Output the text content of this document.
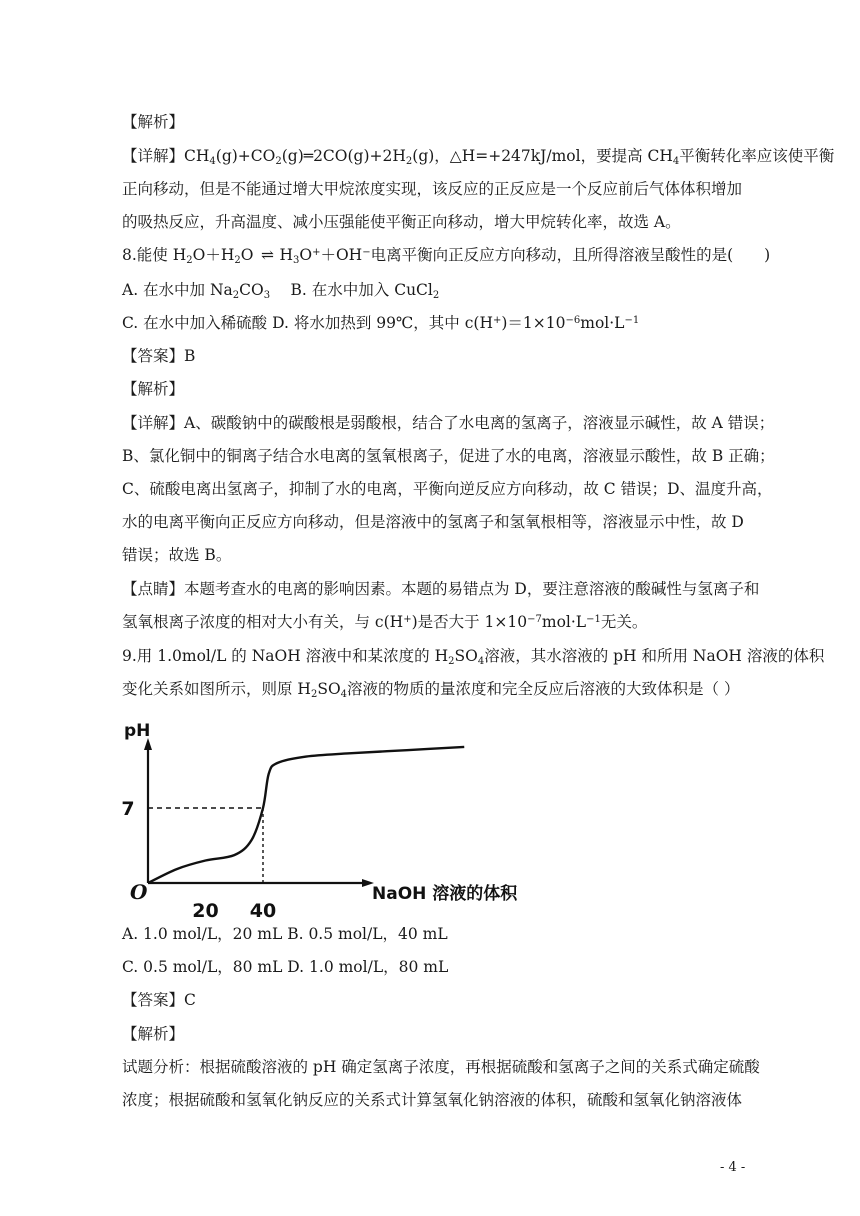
【解析】
【详解】$CH_4(g)+CO_2(g)═2CO(g)+2H_2(g)$，△H=+247kJ/mol，要提高 $CH_4$平衡转化率应该使平衡
正向移动，但是不能通过增大甲烷浓度实现，该反应的正反应是一个反应前后气体体积增加
的吸热反应，升高温度、减小压强能使平衡正向移动，增大甲烷转化率，故选 A。
8.能使 $H_2O+H_2O$ ⇌ $H_3O^++OH^-$电离平衡向正反应方向移动，且所得溶液呈酸性的是(　　)
A. 在水中加 $Na_2CO_3$　 B. 在水中加入 CuCl$_2$
C. 在水中加入稀硫酸 D. 将水加热到 99℃，其中 $c(H^+)=1\times 10^{-6}mol\cdot L^{-1}$
【答案】B
【解析】
【详解】A、碳酸钠中的碳酸根是弱酸根，结合了水电离的氢离子，溶液显示碱性，故 A 错误；
B、氯化铜中的铜离子结合水电离的氢氧根离子，促进了水的电离，溶液显示酸性，故 B 正确；
C、硫酸电离出氢离子，抑制了水的电离，平衡向逆反应方向移动，故 C 错误；D、温度升高，
水的电离平衡向正反应方向移动，但是溶液中的氢离子和氢氧根相等，溶液显示中性，故 D
错误；故选 B。
【点睛】本题考查水的电离的影响因素。本题的易错点为 D，要注意溶液的酸碱性与氢离子和
氢氧根离子浓度的相对大小有关，与 c(H+)是否大于 $1\times 10^{-7}mol\cdot L^{-1}$无关。
9.用 1.0mol/L 的 NaOH 溶液中和某浓度的 $H_2SO_4$溶液，其水溶液的 pH 和所用 NaOH 溶液的体积
变化关系如图所示，则原 $H_2SO_4$溶液的物质的量浓度和完全反应后溶液的大致体积是（ ）
pH
NaOH 溶液的体积
O
20 40
7
A. 1.0 mol/L，20 mL B. 0.5 mol/L，40 mL
C. 0.5 mol/L，80 mL D. 1.0 mol/L，80 mL
【答案】C
【解析】
试题分析：根据硫酸溶液的 pH 确定氢离子浓度，再根据硫酸和氢离子之间的关系式确定硫酸
浓度；根据硫酸和氢氧化钠反应的关系式计算氢氧化钠溶液的体积，硫酸和氢氧化钠溶液体
- 4 -
